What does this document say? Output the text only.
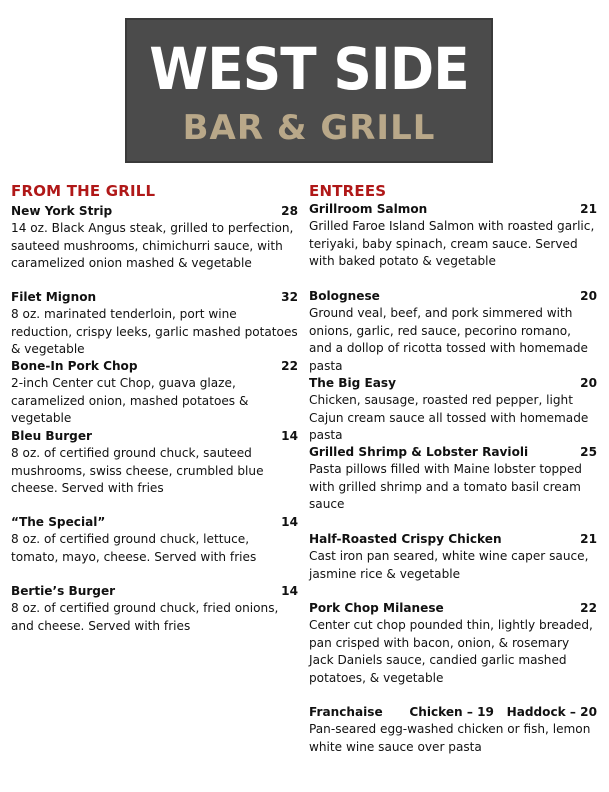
WEST SIDE
BAR & GRILL
FROM THE GRILL
New York Strip	28

14 oz. Black Angus steak, grilled to perfection, sauteed mushrooms, chimichurri sauce, with caramelized onion mashed & vegetable

Filet Mignon	32

8 oz. marinated tenderloin, port wine reduction, crispy leeks, garlic mashed potatoes & vegetable

Bone-In Pork Chop	22

2-inch Center cut Chop, guava glaze, caramelized onion, mashed potatoes & vegetable

Bleu Burger	14

8 oz. of certified ground chuck, sauteed mushrooms, swiss cheese, crumbled blue cheese. Served with fries

“The Special”	14

8 oz. of certified ground chuck, lettuce, tomato, mayo, cheese. Served with fries

Bertie’s Burger	14

8 oz. of certified ground chuck, fried onions, and cheese. Served with fries

ENTREES
Grillroom Salmon	21

Grilled Faroe Island Salmon with roasted garlic, teriyaki, baby spinach, cream sauce. Served with baked potato & vegetable

Bolognese	20

Ground veal, beef, and pork simmered with onions, garlic, red sauce, pecorino romano, and a dollop of ricotta tossed with homemade pasta

The Big Easy	20

Chicken, sausage, roasted red pepper, light Cajun cream sauce all tossed with homemade pasta

Grilled Shrimp & Lobster Ravioli	25

Pasta pillows filled with Maine lobster topped with grilled shrimp and a tomato basil cream sauce

Half-Roasted Crispy Chicken	21

Cast iron pan seared, white wine caper sauce, jasmine rice & vegetable

Pork Chop Milanese	22

Center cut chop pounded thin, lightly breaded, pan crisped with bacon, onion, & rosemary Jack Daniels sauce, candied garlic mashed potatoes, & vegetable

Franchaise Chicken – 19   Haddock – 20

Pan-seared egg-washed chicken or fish, lemon white wine sauce over pasta
